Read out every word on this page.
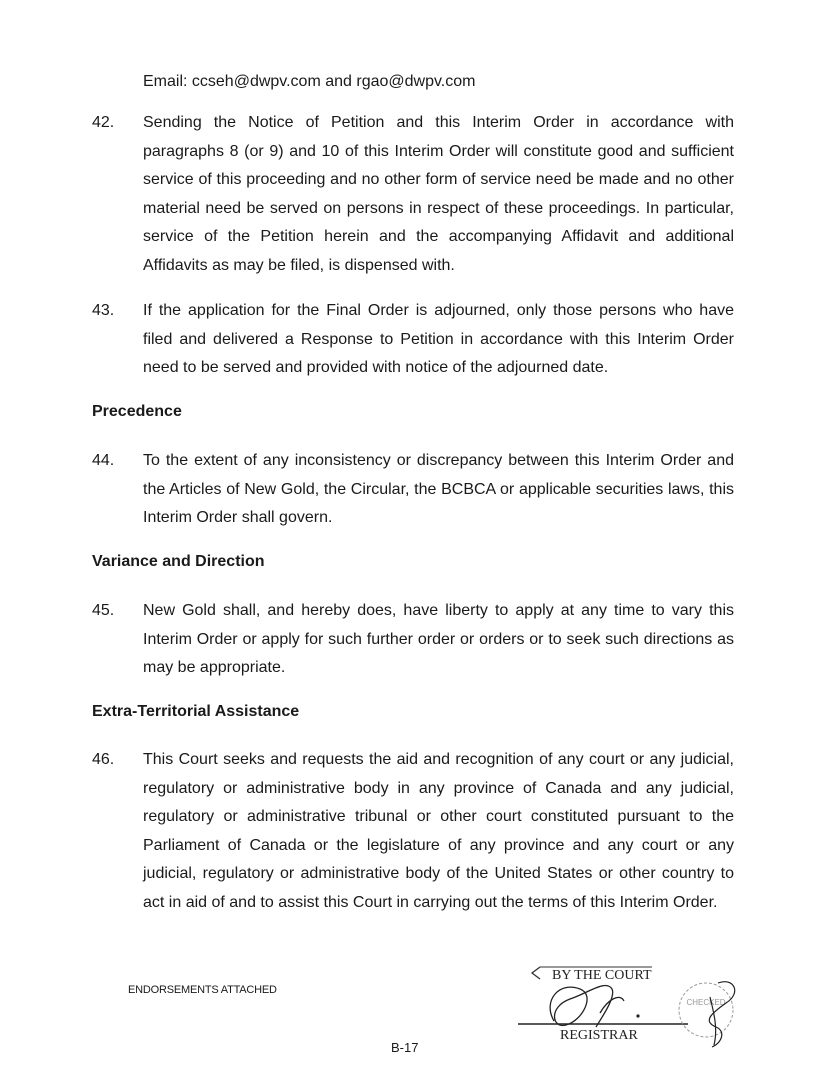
Email: ccseh@dwpv.com and rgao@dwpv.com
42.	Sending the Notice of Petition and this Interim Order in accordance with paragraphs 8 (or 9) and 10 of this Interim Order will constitute good and sufficient service of this proceeding and no other form of service need be made and no other material need be served on persons in respect of these proceedings. In particular, service of the Petition herein and the accompanying Affidavit and additional Affidavits as may be filed, is dispensed with.
43.	If the application for the Final Order is adjourned, only those persons who have filed and delivered a Response to Petition in accordance with this Interim Order need to be served and provided with notice of the adjourned date.
Precedence
44.	To the extent of any inconsistency or discrepancy between this Interim Order and the Articles of New Gold, the Circular, the BCBCA or applicable securities laws, this Interim Order shall govern.
Variance and Direction
45.	New Gold shall, and hereby does, have liberty to apply at any time to vary this Interim Order or apply for such further order or orders or to seek such directions as may be appropriate.
Extra-Territorial Assistance
46.	This Court seeks and requests the aid and recognition of any court or any judicial, regulatory or administrative body in any province of Canada and any judicial, regulatory or administrative tribunal or other court constituted pursuant to the Parliament of Canada or the legislature of any province and any court or any judicial, regulatory or administrative body of the United States or other country to act in aid of and to assist this Court in carrying out the terms of this Interim Order.
ENDORSEMENTS ATTACHED
BY THE COURT
REGISTRAR
CHECKED
B-17
